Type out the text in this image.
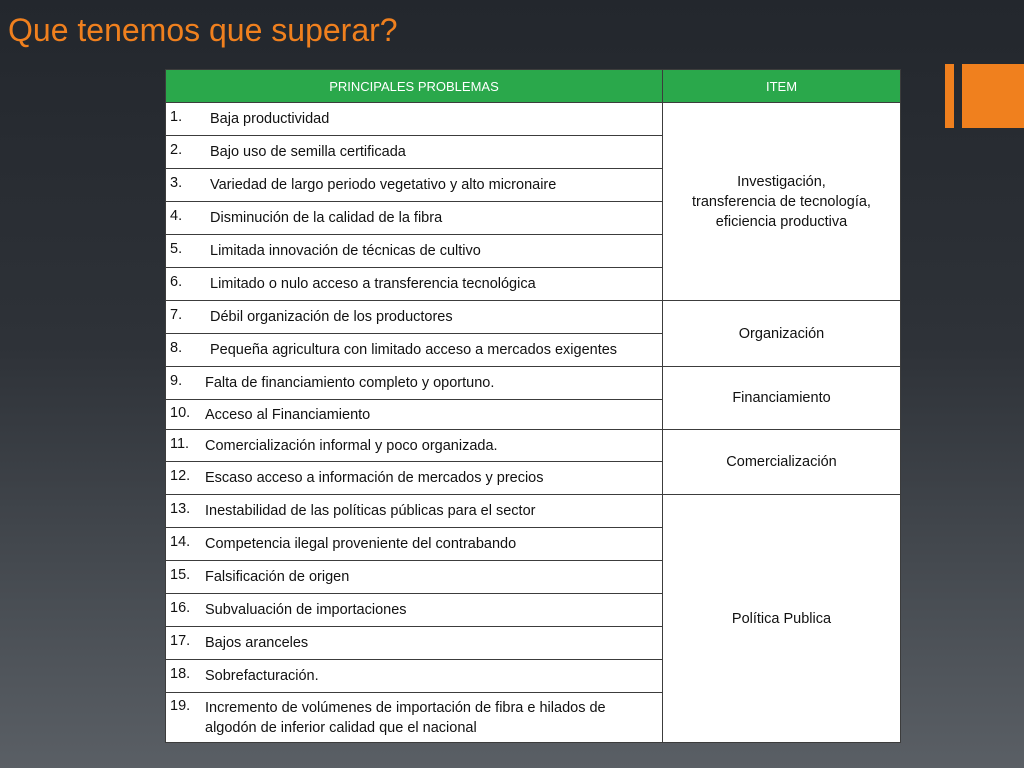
Que tenemos que superar?
PRINCIPALES PROBLEMAS	ITEM

1. Baja productividad	Investigación,
transferencia de tecnología,
eficiencia productiva

2. Bajo uso de semilla certificada	

3. Variedad de largo periodo vegetativo y alto micronaire	

4. Disminución de la calidad de la fibra	

5. Limitada innovación de técnicas de cultivo	

6. Limitado o nulo acceso a transferencia tecnológica	

7. Débil organización de los productores	Organización

8. Pequeña agricultura con limitado acceso a mercados exigentes	

9. Falta de financiamiento completo y oportuno.	Financiamiento

10. Acceso al Financiamiento	

11. Comercialización informal y poco organizada.	Comercialización

12. Escaso acceso a información de mercados y precios	

13. Inestabilidad de las políticas públicas para el sector	Política Publica

14. Competencia ilegal proveniente del contrabando	

15. Falsificación de origen	

16. Subvaluación de importaciones	

17. Bajos aranceles	

18. Sobrefacturación.	

19. Incremento de volúmenes de importación de fibra e hilados de algodón de inferior calidad que el nacional	
